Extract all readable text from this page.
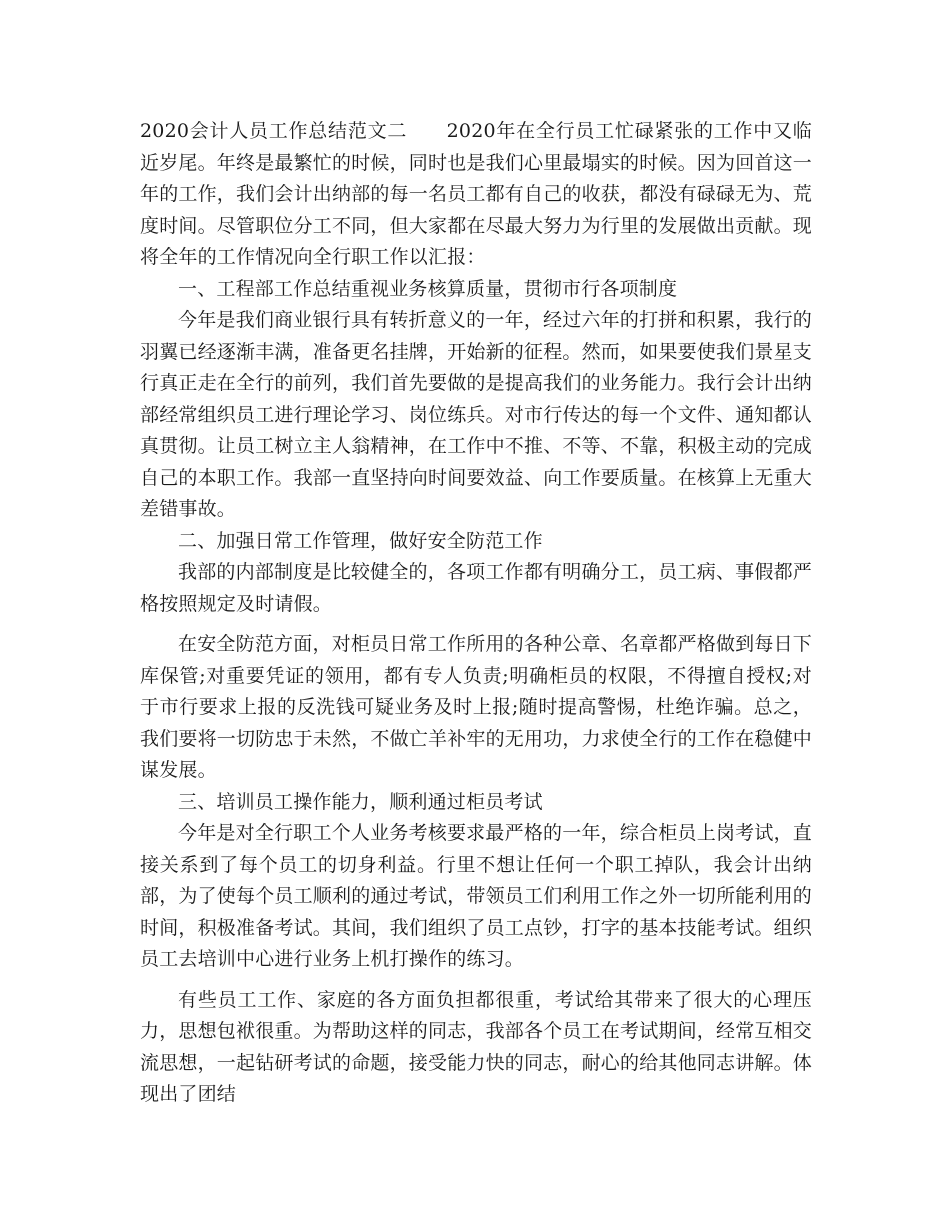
2020会计人员工作总结范文二　　2020年在全行员工忙碌紧张的工作中又临近岁尾。年终是最繁忙的时候，同时也是我们心里最塌实的时候。因为回首这一年的工作，我们会计出纳部的每一名员工都有自己的收获，都没有碌碌无为、荒度时间。尽管职位分工不同，但大家都在尽最大努力为行里的发展做出贡献。现将全年的工作情况向全行职工作以汇报：

一、工程部工作总结重视业务核算质量，贯彻市行各项制度

今年是我们商业银行具有转折意义的一年，经过六年的打拼和积累，我行的羽翼已经逐渐丰满，准备更名挂牌，开始新的征程。然而，如果要使我们景星支行真正走在全行的前列，我们首先要做的是提高我们的业务能力。我行会计出纳部经常组织员工进行理论学习、岗位练兵。对市行传达的每一个文件、通知都认真贯彻。让员工树立主人翁精神，在工作中不推、不等、不靠，积极主动的完成自己的本职工作。我部一直坚持向时间要效益、向工作要质量。在核算上无重大差错事故。

二、加强日常工作管理，做好安全防范工作

我部的内部制度是比较健全的，各项工作都有明确分工，员工病、事假都严格按照规定及时请假。

在安全防范方面，对柜员日常工作所用的各种公章、名章都严格做到每日下库保管;对重要凭证的领用，都有专人负责;明确柜员的权限，不得擅自授权;对于市行要求上报的反洗钱可疑业务及时上报;随时提高警惕，杜绝诈骗。总之，我们要将一切防忠于未然，不做亡羊补牢的无用功，力求使全行的工作在稳健中谋发展。

三、培训员工操作能力，顺利通过柜员考试

今年是对全行职工个人业务考核要求最严格的一年，综合柜员上岗考试，直接关系到了每个员工的切身利益。行里不想让任何一个职工掉队，我会计出纳部，为了使每个员工顺利的通过考试，带领员工们利用工作之外一切所能利用的时间，积极准备考试。其间，我们组织了员工点钞，打字的基本技能考试。组织员工去培训中心进行业务上机打操作的练习。

有些员工工作、家庭的各方面负担都很重，考试给其带来了很大的心理压力，思想包袱很重。为帮助这样的同志，我部各个员工在考试期间，经常互相交流思想，一起钻研考试的命题，接受能力快的同志，耐心的给其他同志讲解。体现出了团结
